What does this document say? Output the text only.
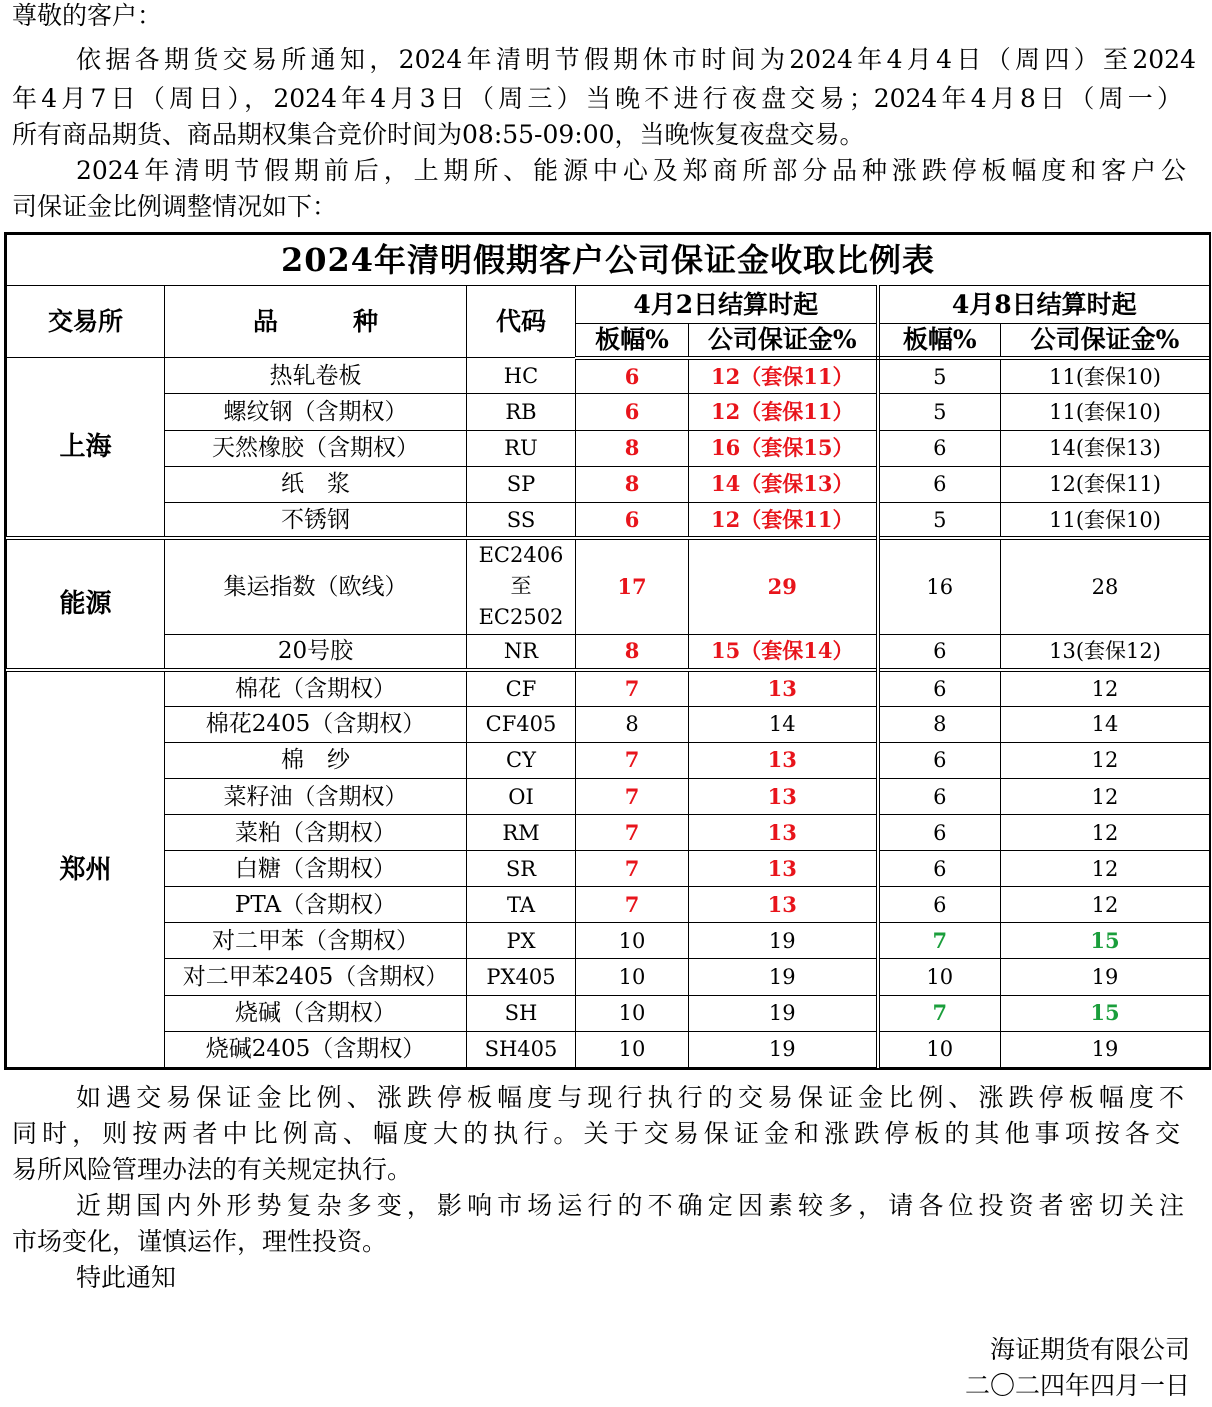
尊敬的客户：
依据各期货交易所通知，2024年清明节假期休市时间为2024年4月4日（周四）至2024
年4月7日（周日），2024年4月3日（周三）当晚不进行夜盘交易；2024年4月8日（周一）
所有商品期货、商品期权集合竞价时间为08:55-09:00，当晚恢复夜盘交易。
2024年清明节假期前后，上期所、能源中心及郑商所部分品种涨跌停板幅度和客户公
司保证金比例调整情况如下：
2024年清明假期客户公司保证金收取比例表						
交易所	品　　　种	代码	4月2日结算时起		4月8日结算时起	
			板幅%	公司保证金%	板幅%	公司保证金%
上海	热轧卷板	HC	6	12（套保11）	5	11(套保10)
	螺纹钢（含期权）	RB	6	12（套保11）	5	11(套保10)
	天然橡胶（含期权）	RU	8	16（套保15）	6	14(套保13)
	纸　浆	SP	8	14（套保13）	6	12(套保11)
	不锈钢	SS	6	12（套保11）	5	11(套保10)
能源	集运指数（欧线）	EC2406
至
EC2502	17	29	16	28
	20号胶	NR	8	15（套保14）	6	13(套保12)
郑州	棉花（含期权）	CF	7	13	6	12
	棉花2405（含期权）	CF405	8	14	8	14
	棉　纱	CY	7	13	6	12
	菜籽油（含期权）	OI	7	13	6	12
	菜粕（含期权）	RM	7	13	6	12
	白糖（含期权）	SR	7	13	6	12
	PTA（含期权）	TA	7	13	6	12
	对二甲苯（含期权）	PX	10	19	7	15
	对二甲苯2405（含期权）	PX405	10	19	10	19
	烧碱（含期权）	SH	10	19	7	15
	烧碱2405（含期权）	SH405	10	19	10	19
如遇交易保证金比例、涨跌停板幅度与现行执行的交易保证金比例、涨跌停板幅度不
同时，则按两者中比例高、幅度大的执行。关于交易保证金和涨跌停板的其他事项按各交
易所风险管理办法的有关规定执行。
近期国内外形势复杂多变，影响市场运行的不确定因素较多，请各位投资者密切关注
市场变化，谨慎运作，理性投资。
特此通知
海证期货有限公司
二〇二四年四月一日
